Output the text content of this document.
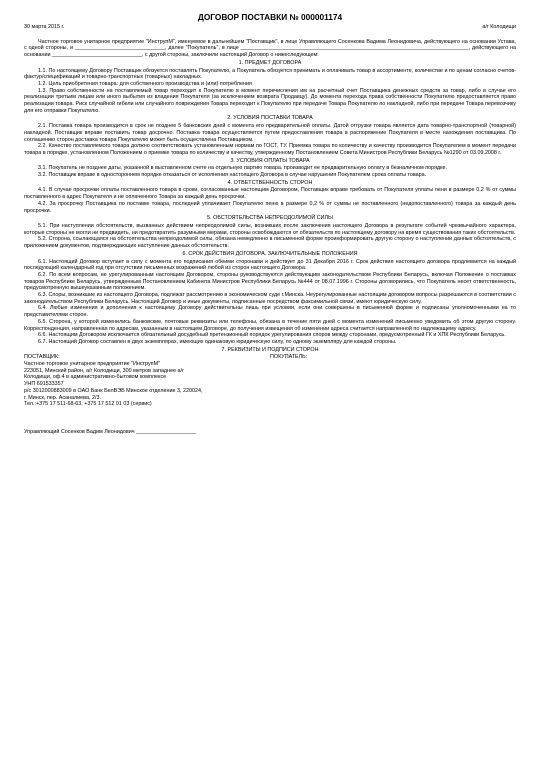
ДОГОВОР ПОСТАВКИ № 000001174
30 марта 2015 г.	а/г Колодищи

Частное торговое унитарное предприятие "ИнструпМ", именуемое в дальнейшем "Поставщик", в лице Управляющего Сосенкова Вадима Леонидовича, действующего на основании Устава, с одной стороны, и ______________________________, далее "Покупатель", в лице ____________________________________________________________________________, действующего на основании ______________________________, с другой стороны, заключили настоящий Договор о нижеследующем:

1. ПРЕДМЕТ ДОГОВОРА

1.1. По настоящему Договору Поставщик обязуется поставлять Покупателю, а Покупатель обязуется принимать и оплачивать товар в ассортименте, количестве и по ценам согласно счетов-фактур/спецификаций и товарно-транспортных (товарных) накладных.

1.2. Цель приобретения товара: для собственного производства и (или) потребления

1.3. Право собственности на поставляемый товар переходит к Покупателю в момент перечисления им на расчетный счет Поставщика денежных средств за товар, либо в случае его реализации третьим лицам или иного выбытия из владения Покупателя (за исключением возврата Продавцу). До момента перехода права собственности Покупателю предоставляется право реализации товара. Риск случайной гибели или случайного повреждения Товара переходит к Покупателю при передаче Товара Покупателю по накладной, либо при передаче Товара перевозчику для его отправки Покупателю.

2. УСЛОВИЯ ПОСТАВКИ ТОВАРА

2.1. Поставка товара производится в срок не позднее 5 банковских дней с момента его предварительной оплаты. Датой отгрузки товара является дата товарно-транспортной (товарной) накладной. Поставщик вправе поставить товар досрочно. Поставка товара осуществляется путем предоставления товара в распоряжение Покупателя в месте нахождения поставщика. По соглашению сторон доставка товара Покупателю может быть осуществлена Поставщиком.

2.2. Качество поставляемого товара должно соответствовать установленным нормам по ГОСТ, ТУ. Приемка товара по количеству и качеству производится Покупателем в момент передачи товара в порядке, установленном Положением о приемке товара по количеству и качеству, утвержденному Постановлением Совета Министров Республики Беларусь №1290 от 03.09.2008 г.

3. УСЛОВИЯ ОПЛАТЫ ТОВАРА

3.1. Покупатель не позднее даты, указанной в выставленном счете на отдельную партию товара, производит ее предварительную оплату в безналичном порядке.

3.2. Поставщик вправе в одностороннем порядке отказаться от исполнения настоящего Договора в случае нарушения Покупателем срока оплаты товара.

4. ОТВЕТСТВЕННОСТЬ СТОРОН

4.1. В случае просрочки оплаты поставленного товара в сроки, согласованные настоящим Договором, Поставщик вправе требовать от Покупателя уплаты пени в размере 0,2 % от суммы поставленного в адрес Покупателя и не оплаченного Товара за каждый день просрочки.

4.2. За просрочку Поставщика по поставке товара, последний уплачивает Покупателю пеню в размере 0,2 % от суммы не поставленного (недопоставленного) товара за каждый день просрочки.

5. ОБСТОЯТЕЛЬСТВА НЕПРЕОДОЛИМОЙ СИЛЫ

5.1. При наступлении обстоятельств, вызванных действием непреодолимой силы, возникших после заключения настоящего Договора в результате событий чрезвычайного характера, которые стороны не могли ни предвидеть, ни предотвратить разумными мерами, стороны освобождаются от обязательств по настоящему договору на время существования таких обстоятельств.

5.2. Сторона, ссылающаяся на обстоятельства непреодолимой силы, обязана немедленно в письменной форме проинформировать другую сторону о наступлении данных обстоятельств, с приложением документов, подтверждающих наступление данных обстоятельств.

6. СРОК ДЕЙСТВИЯ ДОГОВОРА. ЗАКЛЮЧИТЕЛЬНЫЕ ПОЛОЖЕНИЯ

6.1. Настоящий Договор вступает в силу с момента его подписания обеими сторонами и действует до 31 Декабря 2016 г. Срок действия настоящего договора продлевается на каждый последующий календарный год при отсутствии письменных возражений любой из сторон настоящего Договора.

6.2. По всем вопросам, не урегулированным настоящим Договором, стороны руководствуются действующим законодательством Республики Беларусь, включая Положение о поставках товаров Республике Беларусь, утвержденным Постановлением Кабинета Министров Республики Беларусь №444 от 08.07.1996 г. Стороны договорились, что Покупатель несет ответственность, предусмотренную вышеуказанным положением.

6.3. Споры, возникшие из настоящего Договора, подлежат рассмотрению в экономическом суде г.Минска. Неурегулированные настоящим договором вопросы разрешаются в соответствии с законодательством Республики Беларусь. Настоящий Договор и иные документы, подписанные посредством факсимильной связи, имеют юридическую силу.

6.4. Любые изменения и дополнения к настоящему Договору действительны лишь при условии, если они совершены в письменной форме и подписаны уполномоченными на то представителями сторон.

6.5. Сторона, у которой изменились банковские, почтовые реквизиты или телефоны, обязана в течение пяти дней с момента изменений письменно уведомить об этом другую сторону. Корреспонденция, направленная по адресам, указанным в настоящем Договоре, до получения извещения об изменении адреса считается направленной по надлежащему адресу.

6.6. Настоящим Договором исключается обязательный досудебный претензионный порядок урегулирования споров между сторонами, предусмотренный ГК и ХПК Республики Беларусь.

6.7. Настоящий Договор составлен в двух экземплярах, имеющих одинаковую юридическую силу, по одному экземпляру для каждой стороны.

7. РЕКВИЗИТЫ И ПОДПИСИ СТОРОН
ПОСТАВЩИК:
Частное торговое унитарное предприятие "ИнструпМ"
223051, Минский район, а/г Колодищи, 300 метров западнее а/г
Колодищи, оф.4 в административно-бытовом комплексе
УНП 691533357
р/с 3012000883009 в ОАО Банк БелВЭБ Минское отделение 3, 220024,
г. Минск, пер. Асаналиева, 2/3.
Тел.:+375 17 511-68-63, +375 17 512 01 03 (сервис)
ПОКУПАТЕЛЬ:
Управляющий Сосенков Вадим Леонидович ____________________
